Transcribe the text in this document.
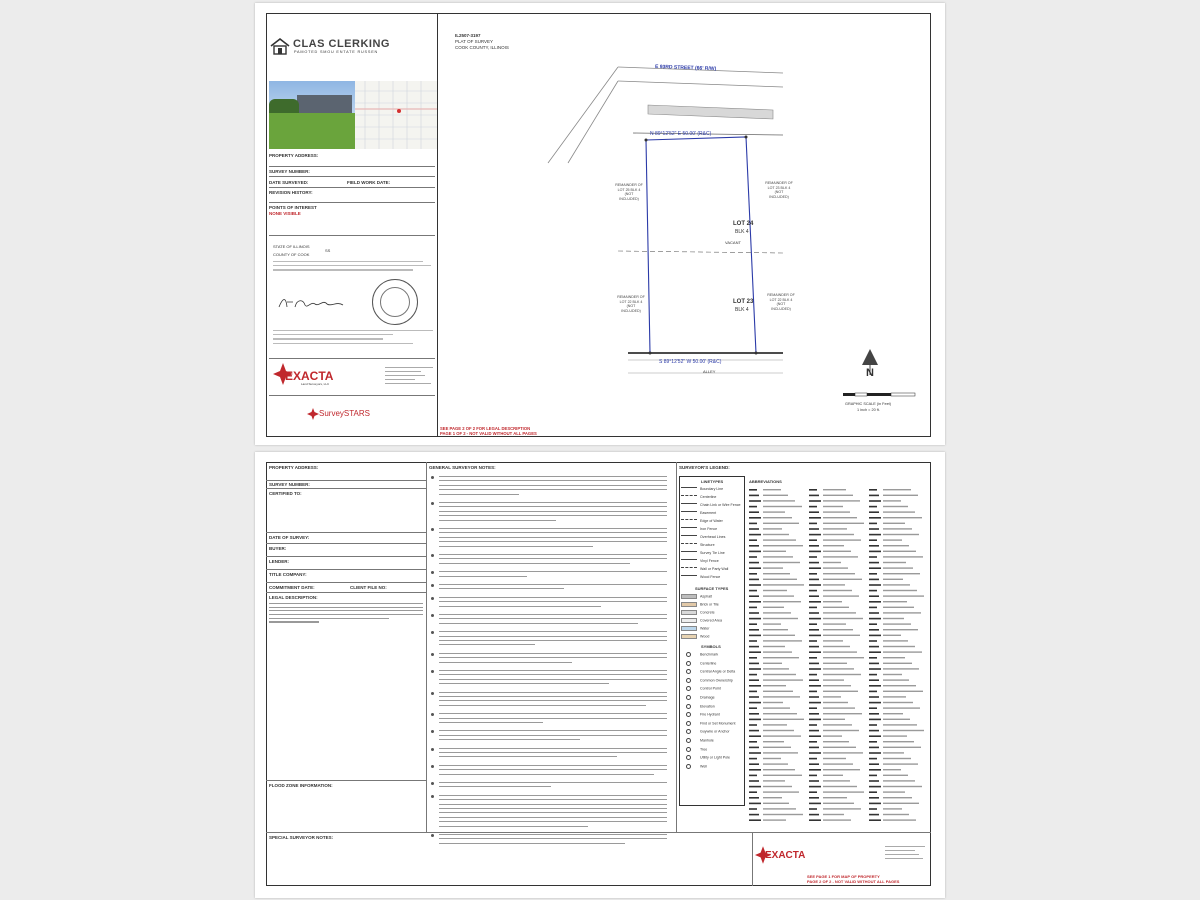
CLAS CLERKING
PAMOTED SMOU ENTATE RUSSEN
PROPERTY ADDRESS:
SURVEY NUMBER:
DATE SURVEYED:	FIELD WORK DATE:
REVISION HISTORY:
POINTS OF INTEREST
NONE VISIBLE
STATE OF ILLINOIS
COUNTY OF COOK
SS
EXACTA
Land Surveyors, LLC
SurveySTARS
IL2507-3197
PLAT OF SURVEY
COOK COUNTY, ILLINOIS
E 93RD STREET (66' R/W)
N 89°12'52" E 50.00' (R&C)
LOT 24
BLK 4
VACANT
LOT 23
BLK 4
REMAINDER OF LOT 25 BLK 4 (NOT INCLUDED)
REMAINDER OF LOT 23 BLK 4 (NOT INCLUDED)
REMAINDER OF LOT 22 BLK 4 (NOT INCLUDED)
REMAINDER OF LOT 22 BLK 4 (NOT INCLUDED)
S 89°12'52" W 50.00' (R&C)
ALLEY	N
GRAPHIC SCALE (in Feet)
1 inch = 20 ft.
SEE PAGE 2 OF 2 FOR LEGAL DESCRIPTION
PAGE 1 OF 2 - NOT VALID WITHOUT ALL PAGES
PROPERTY ADDRESS:
SURVEY NUMBER:
CERTIFIED TO:
DATE OF SURVEY:
BUYER:
LENDER:
TITLE COMPANY:
COMMITMENT DATE:	CLIENT FILE NO:
LEGAL DESCRIPTION:
FLOOD ZONE INFORMATION:
SPECIAL SURVEYOR NOTES:
GENERAL SURVEYOR NOTES:	SURVEYOR'S LEGEND:
LINETYPES
SURFACE TYPES
SYMBOLS
ABBREVIATIONS
EXACTA
SEE PAGE 1 FOR MAP OF PROPERTY
PAGE 2 OF 2 - NOT VALID WITHOUT ALL PAGES
Boundary Line
Centerline
Chain Link or Wire Fence
Easement
Edge of Water
Iron Fence
Overhead Lines
Structure
Survey Tie Line
Vinyl Fence
Wall or Party Wall
Wood Fence
Asphalt
Brick or Tile
Concrete
Covered Area
Water
Wood
Benchmark
Centerline
Central Angle or Delta
Common Ownership
Control Point
Drainage
Elevation
Fire Hydrant
Find or Set Monument
Guywire or Anchor
Manhole
Tree
Utility or Light Pole
Well
